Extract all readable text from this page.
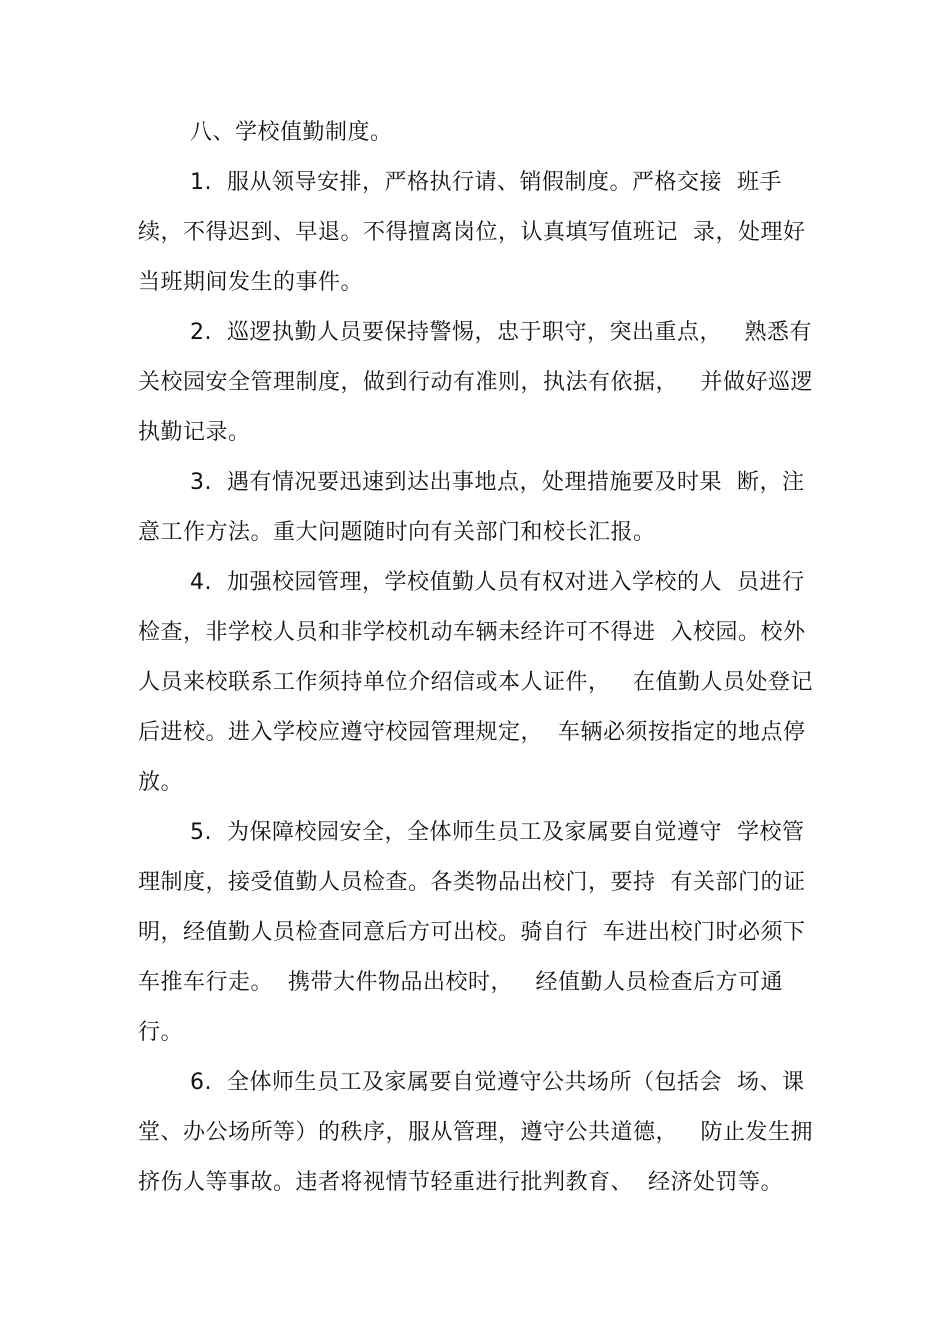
八、学校值勤制度。

1.  服从领导安排，严格执行请、销假制度。严格交接  班手
续，不得迟到、早退。不得擅离岗位，认真填写值班记  录，处理好
当班期间发生的事件。

2.  巡逻执勤人员要保持警惕，忠于职守，突出重点，   熟悉有
关校园安全管理制度，做到行动有准则，执法有依据，   并做好巡逻
执勤记录。

3.  遇有情况要迅速到达出事地点，处理措施要及时果  断，注
意工作方法。重大问题随时向有关部门和校长汇报。

4.  加强校园管理，学校值勤人员有权对进入学校的人  员进行
检查，非学校人员和非学校机动车辆未经许可不得进  入校园。校外
人员来校联系工作须持单位介绍信或本人证件，   在值勤人员处登记
后进校。进入学校应遵守校园管理规定，  车辆必须按指定的地点停
放。

5.  为保障校园安全，全体师生员工及家属要自觉遵守  学校管
理制度，接受值勤人员检查。各类物品出校门，要持  有关部门的证
明，经值勤人员检查同意后方可出校。骑自行  车进出校门时必须下
车推车行走。  携带大件物品出校时，   经值勤人员检查后方可通
行。

6.  全体师生员工及家属要自觉遵守公共场所（包括会  场、课
堂、办公场所等）的秩序，服从管理，遵守公共道德，   防止发生拥
挤伤人等事故。违者将视情节轻重进行批判教育、  经济处罚等。
